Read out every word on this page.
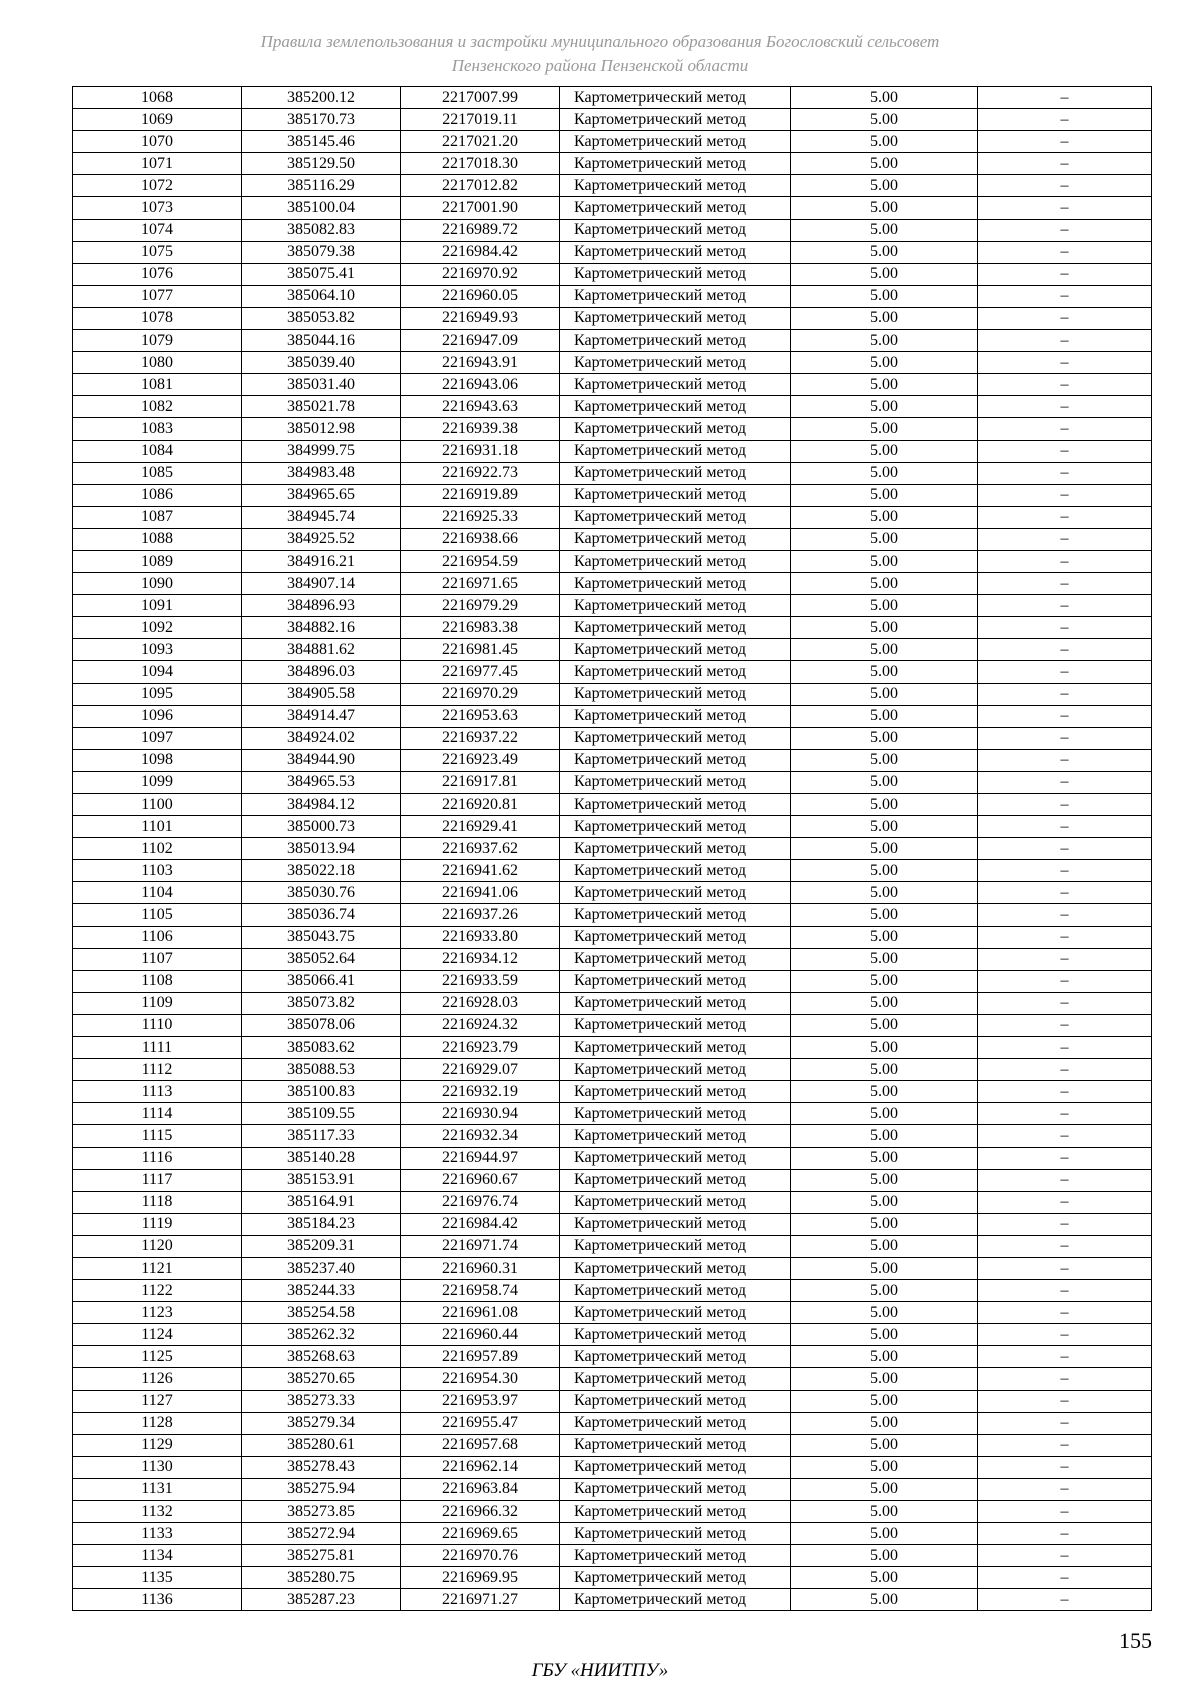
Правила землепользования и застройки муниципального образования Богословский сельсовет
Пензенского района Пензенской области
1068	385200.12	2217007.99	Картометрический метод	5.00	–
1069	385170.73	2217019.11	Картометрический метод	5.00	–
1070	385145.46	2217021.20	Картометрический метод	5.00	–
1071	385129.50	2217018.30	Картометрический метод	5.00	–
1072	385116.29	2217012.82	Картометрический метод	5.00	–
1073	385100.04	2217001.90	Картометрический метод	5.00	–
1074	385082.83	2216989.72	Картометрический метод	5.00	–
1075	385079.38	2216984.42	Картометрический метод	5.00	–
1076	385075.41	2216970.92	Картометрический метод	5.00	–
1077	385064.10	2216960.05	Картометрический метод	5.00	–
1078	385053.82	2216949.93	Картометрический метод	5.00	–
1079	385044.16	2216947.09	Картометрический метод	5.00	–
1080	385039.40	2216943.91	Картометрический метод	5.00	–
1081	385031.40	2216943.06	Картометрический метод	5.00	–
1082	385021.78	2216943.63	Картометрический метод	5.00	–
1083	385012.98	2216939.38	Картометрический метод	5.00	–
1084	384999.75	2216931.18	Картометрический метод	5.00	–
1085	384983.48	2216922.73	Картометрический метод	5.00	–
1086	384965.65	2216919.89	Картометрический метод	5.00	–
1087	384945.74	2216925.33	Картометрический метод	5.00	–
1088	384925.52	2216938.66	Картометрический метод	5.00	–
1089	384916.21	2216954.59	Картометрический метод	5.00	–
1090	384907.14	2216971.65	Картометрический метод	5.00	–
1091	384896.93	2216979.29	Картометрический метод	5.00	–
1092	384882.16	2216983.38	Картометрический метод	5.00	–
1093	384881.62	2216981.45	Картометрический метод	5.00	–
1094	384896.03	2216977.45	Картометрический метод	5.00	–
1095	384905.58	2216970.29	Картометрический метод	5.00	–
1096	384914.47	2216953.63	Картометрический метод	5.00	–
1097	384924.02	2216937.22	Картометрический метод	5.00	–
1098	384944.90	2216923.49	Картометрический метод	5.00	–
1099	384965.53	2216917.81	Картометрический метод	5.00	–
1100	384984.12	2216920.81	Картометрический метод	5.00	–
1101	385000.73	2216929.41	Картометрический метод	5.00	–
1102	385013.94	2216937.62	Картометрический метод	5.00	–
1103	385022.18	2216941.62	Картометрический метод	5.00	–
1104	385030.76	2216941.06	Картометрический метод	5.00	–
1105	385036.74	2216937.26	Картометрический метод	5.00	–
1106	385043.75	2216933.80	Картометрический метод	5.00	–
1107	385052.64	2216934.12	Картометрический метод	5.00	–
1108	385066.41	2216933.59	Картометрический метод	5.00	–
1109	385073.82	2216928.03	Картометрический метод	5.00	–
1110	385078.06	2216924.32	Картометрический метод	5.00	–
1111	385083.62	2216923.79	Картометрический метод	5.00	–
1112	385088.53	2216929.07	Картометрический метод	5.00	–
1113	385100.83	2216932.19	Картометрический метод	5.00	–
1114	385109.55	2216930.94	Картометрический метод	5.00	–
1115	385117.33	2216932.34	Картометрический метод	5.00	–
1116	385140.28	2216944.97	Картометрический метод	5.00	–
1117	385153.91	2216960.67	Картометрический метод	5.00	–
1118	385164.91	2216976.74	Картометрический метод	5.00	–
1119	385184.23	2216984.42	Картометрический метод	5.00	–
1120	385209.31	2216971.74	Картометрический метод	5.00	–
1121	385237.40	2216960.31	Картометрический метод	5.00	–
1122	385244.33	2216958.74	Картометрический метод	5.00	–
1123	385254.58	2216961.08	Картометрический метод	5.00	–
1124	385262.32	2216960.44	Картометрический метод	5.00	–
1125	385268.63	2216957.89	Картометрический метод	5.00	–
1126	385270.65	2216954.30	Картометрический метод	5.00	–
1127	385273.33	2216953.97	Картометрический метод	5.00	–
1128	385279.34	2216955.47	Картометрический метод	5.00	–
1129	385280.61	2216957.68	Картометрический метод	5.00	–
1130	385278.43	2216962.14	Картометрический метод	5.00	–
1131	385275.94	2216963.84	Картометрический метод	5.00	–
1132	385273.85	2216966.32	Картометрический метод	5.00	–
1133	385272.94	2216969.65	Картометрический метод	5.00	–
1134	385275.81	2216970.76	Картометрический метод	5.00	–
1135	385280.75	2216969.95	Картометрический метод	5.00	–
1136	385287.23	2216971.27	Картометрический метод	5.00	–
155
ГБУ «НИИТПУ»
